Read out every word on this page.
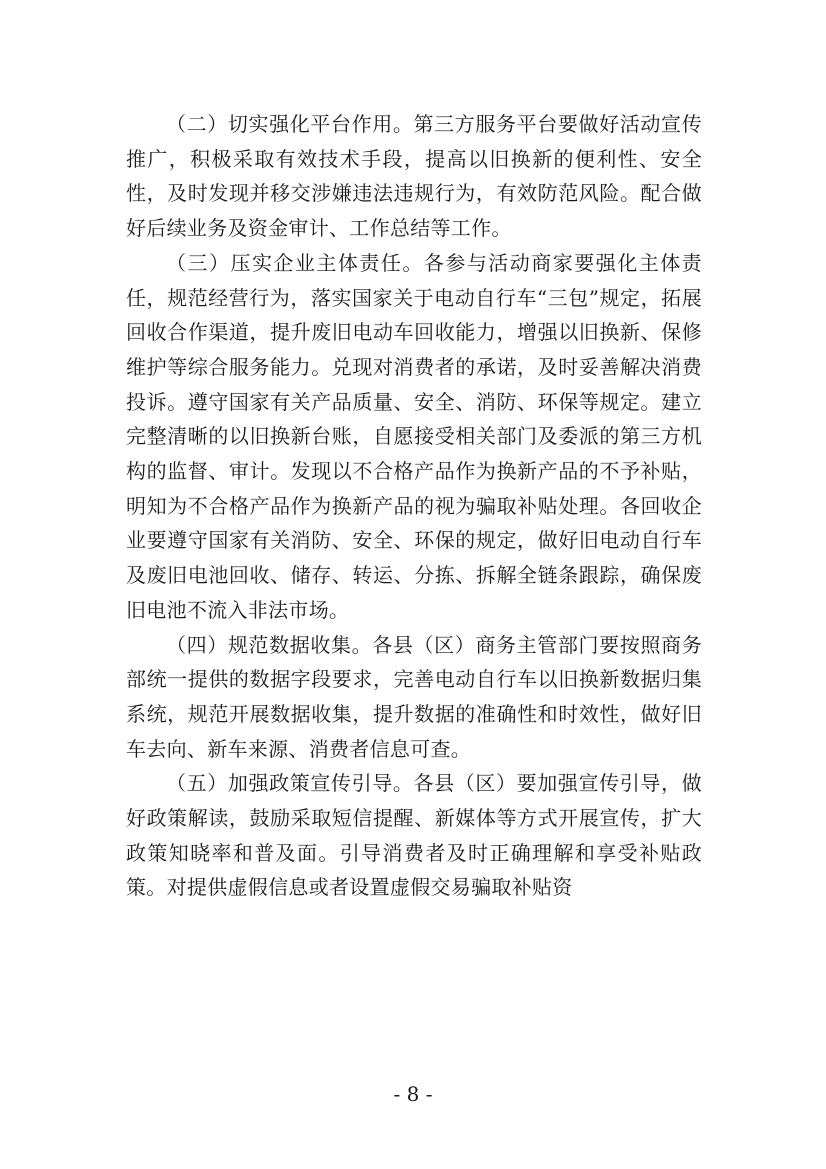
（二）切实强化平台作用。第三方服务平台要做好活动宣传推广，积极采取有效技术手段，提高以旧换新的便利性、安全性，及时发现并移交涉嫌违法违规行为，有效防范风险。配合做好后续业务及资金审计、工作总结等工作。

（三）压实企业主体责任。各参与活动商家要强化主体责任，规范经营行为，落实国家关于电动自行车“三包”规定，拓展回收合作渠道，提升废旧电动车回收能力，增强以旧换新、保修维护等综合服务能力。兑现对消费者的承诺，及时妥善解决消费投诉。遵守国家有关产品质量、安全、消防、环保等规定。建立完整清晰的以旧换新台账，自愿接受相关部门及委派的第三方机构的监督、审计。发现以不合格产品作为换新产品的不予补贴，明知为不合格产品作为换新产品的视为骗取补贴处理。各回收企业要遵守国家有关消防、安全、环保的规定，做好旧电动自行车及废旧电池回收、储存、转运、分拣、拆解全链条跟踪，确保废旧电池不流入非法市场。

（四）规范数据收集。各县（区）商务主管部门要按照商务部统一提供的数据字段要求，完善电动自行车以旧换新数据归集系统，规范开展数据收集，提升数据的准确性和时效性，做好旧车去向、新车来源、消费者信息可查。

（五）加强政策宣传引导。各县（区）要加强宣传引导，做好政策解读，鼓励采取短信提醒、新媒体等方式开展宣传，扩大政策知晓率和普及面。引导消费者及时正确理解和享受补贴政策。对提供虚假信息或者设置虚假交易骗取补贴资

- 8 -
